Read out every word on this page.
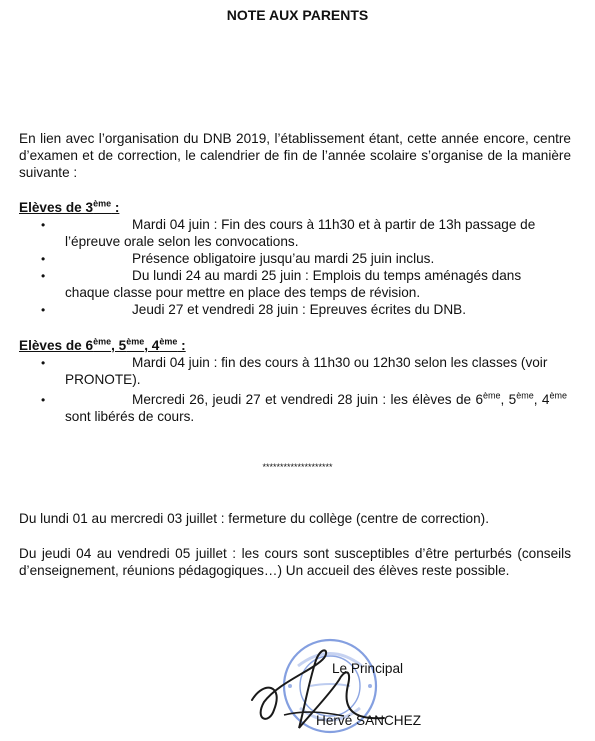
NOTE AUX PARENTS
En lien avec l’organisation du DNB 2019, l’établissement étant, cette année encore, centre d’examen et de correction, le calendrier de fin de l’année scolaire s’organise de la manière suivante :
Elèves de 3ème :
•	Mardi 04 juin : Fin des cours à 11h30 et à partir de 13h passage de l’épreuve orale selon les convocations.
•	Présence obligatoire jusqu’au mardi 25 juin inclus.
•	Du lundi 24 au mardi 25 juin : Emplois du temps aménagés dans chaque classe pour mettre en place des temps de révision.
•	Jeudi 27 et vendredi 28 juin : Epreuves écrites du DNB.
Elèves de 6ème, 5ème, 4ème :
•	Mardi 04 juin : fin des cours à 11h30 ou 12h30 selon les classes (voir PRONOTE).
•	Mercredi 26, jeudi 27 et vendredi 28 juin : les élèves de 6ème, 5ème, 4ème sont libérés de cours.
********************
Du lundi 01 au mercredi 03 juillet : fermeture du collège (centre de correction).
Du jeudi 04 au vendredi 05 juillet : les cours sont susceptibles d’être perturbés (conseils d’enseignement, réunions pédagogiques…) Un accueil des élèves reste possible.
Le Principal
Hervé SANCHEZ
